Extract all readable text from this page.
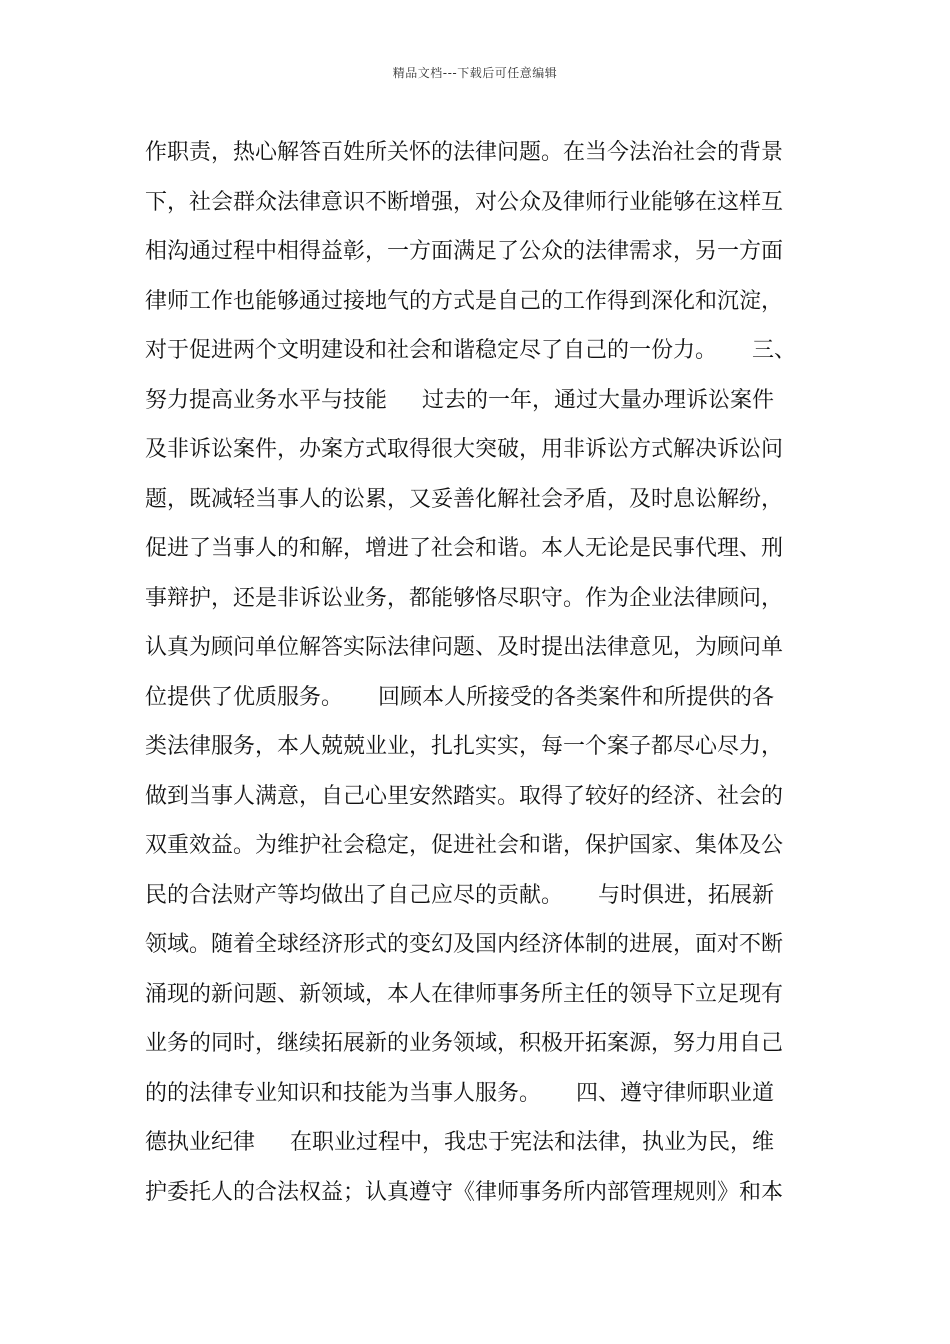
精品文档---下载后可任意编辑
作职责，热心解答百姓所关怀的法律问题。在当今法治社会的背景
下，社会群众法律意识不断增强，对公众及律师行业能够在这样互
相沟通过程中相得益彰，一方面满足了公众的法律需求，另一方面
律师工作也能够通过接地气的方式是自己的工作得到深化和沉淀，
对于促进两个文明建设和社会和谐稳定尽了自己的一份力。     三、
努力提高业务水平与技能     过去的一年，通过大量办理诉讼案件
及非诉讼案件，办案方式取得很大突破，用非诉讼方式解决诉讼问
题，既减轻当事人的讼累，又妥善化解社会矛盾，及时息讼解纷，
促进了当事人的和解，增进了社会和谐。本人无论是民事代理、刑
事辩护，还是非诉讼业务，都能够恪尽职守。作为企业法律顾问，
认真为顾问单位解答实际法律问题、及时提出法律意见，为顾问单
位提供了优质服务。     回顾本人所接受的各类案件和所提供的各
类法律服务，本人兢兢业业，扎扎实实，每一个案子都尽心尽力，
做到当事人满意，自己心里安然踏实。取得了较好的经济、社会的
双重效益。为维护社会稳定，促进社会和谐，保护国家、集体及公
民的合法财产等均做出了自己应尽的贡献。     与时俱进，拓展新
领域。随着全球经济形式的变幻及国内经济体制的进展，面对不断
涌现的新问题、新领域，本人在律师事务所主任的领导下立足现有
业务的同时，继续拓展新的业务领域，积极开拓案源，努力用自己
的的法律专业知识和技能为当事人服务。     四、遵守律师职业道
德执业纪律     在职业过程中，我忠于宪法和法律，执业为民，维
护委托人的合法权益；认真遵守《律师事务所内部管理规则》和本
